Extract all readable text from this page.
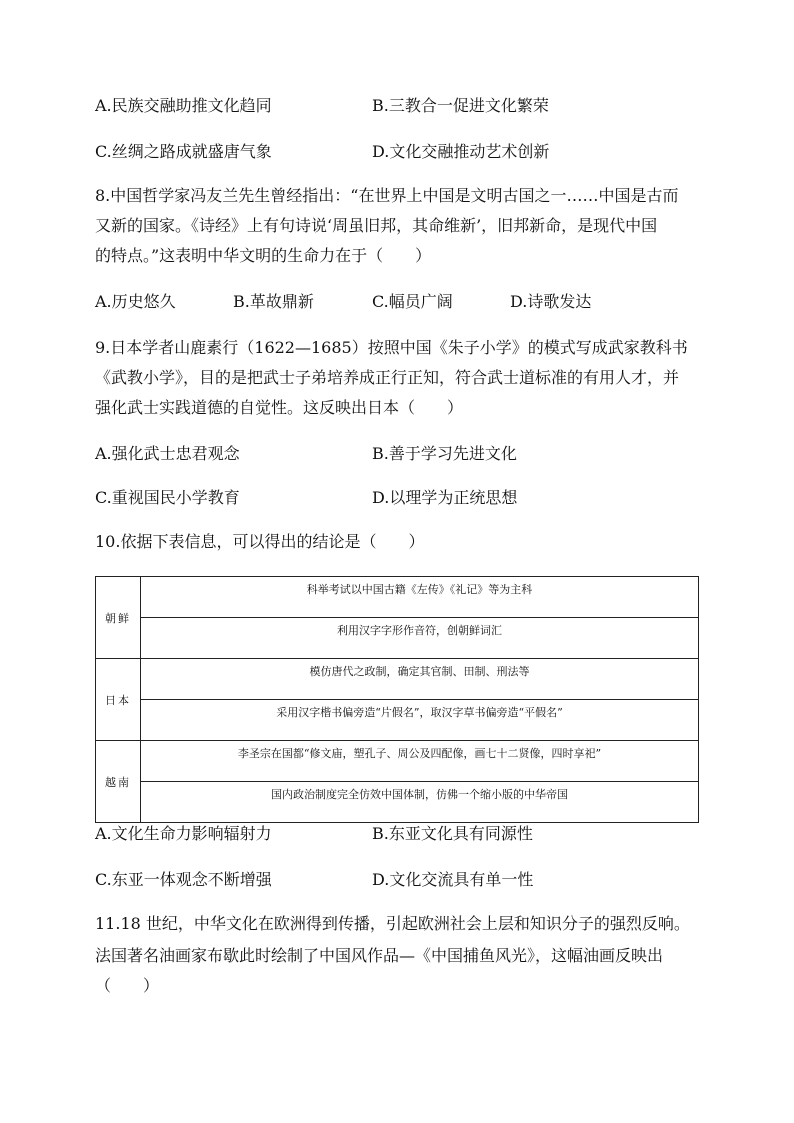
A.民族交融助推文化趋同	B.三教合一促进文化繁荣
C.丝绸之路成就盛唐气象	D.文化交融推动艺术创新
8.中国哲学家冯友兰先生曾经指出：“在世界上中国是文明古国之一……中国是古而
又新的国家。《诗经》上有句诗说‘周虽旧邦，其命维新’，旧邦新命，是现代中国
的特点。”这表明中华文明的生命力在于（　　）
A.历史悠久	B.革故鼎新	C.幅员广阔	D.诗歌发达
9.日本学者山鹿素行（1622—1685）按照中国《朱子小学》的模式写成武家教科书
《武教小学》，目的是把武士子弟培养成正行正知，符合武士道标准的有用人才，并
强化武士实践道德的自觉性。这反映出日本（　　）
A.强化武士忠君观念	B.善于学习先进文化
C.重视国民小学教育	D.以理学为正统思想
10.依据下表信息，可以得出的结论是（　　）
朝鲜	科举考试以中国古籍《左传》《礼记》等为主科
	利用汉字字形作音符，创朝鲜词汇
日本	模仿唐代之政制，确定其官制、田制、刑法等
	采用汉字楷书偏旁造“片假名”，取汉字草书偏旁造“平假名”
越南	李圣宗在国都“修文庙，塑孔子、周公及四配像，画七十二贤像，四时享祀”
	国内政治制度完全仿效中国体制，仿佛一个缩小版的中华帝国
A.文化生命力影响辐射力	B.东亚文化具有同源性
C.东亚一体观念不断增强	D.文化交流具有单一性
11.18 世纪，中华文化在欧洲得到传播，引起欧洲社会上层和知识分子的强烈反响。
法国著名油画家布歇此时绘制了中国风作品—《中国捕鱼风光》，这幅油画反映出
（　　）
